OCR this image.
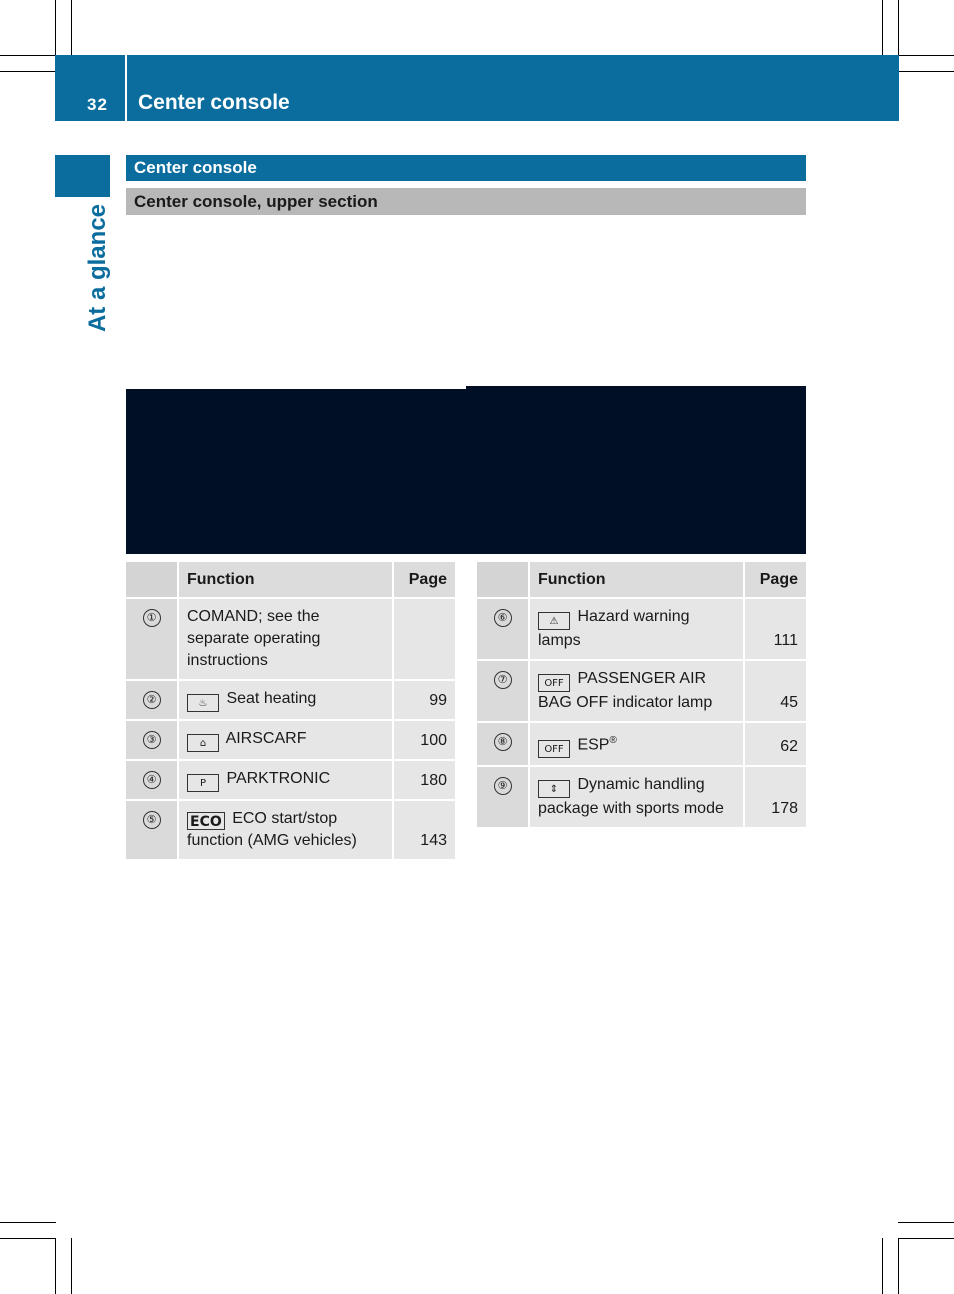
32 Center console
At a glance
Center console
Center console, upper section
	Function	Page
①	COMAND; see the separate operating instructions	
②	♨ Seat heating	99
③	⌂ AIRSCARF	100
④	P PARKTRONIC	180
⑤	ECO ECO start/stop function (AMG vehicles)	143
	Function	Page
⑥	⚠ Hazard warning lamps	111
⑦	OFF PASSENGER AIR BAG OFF indicator lamp	45
⑧	OFF ESP®	62
⑨	⇕ Dynamic handling package with sports mode	178
